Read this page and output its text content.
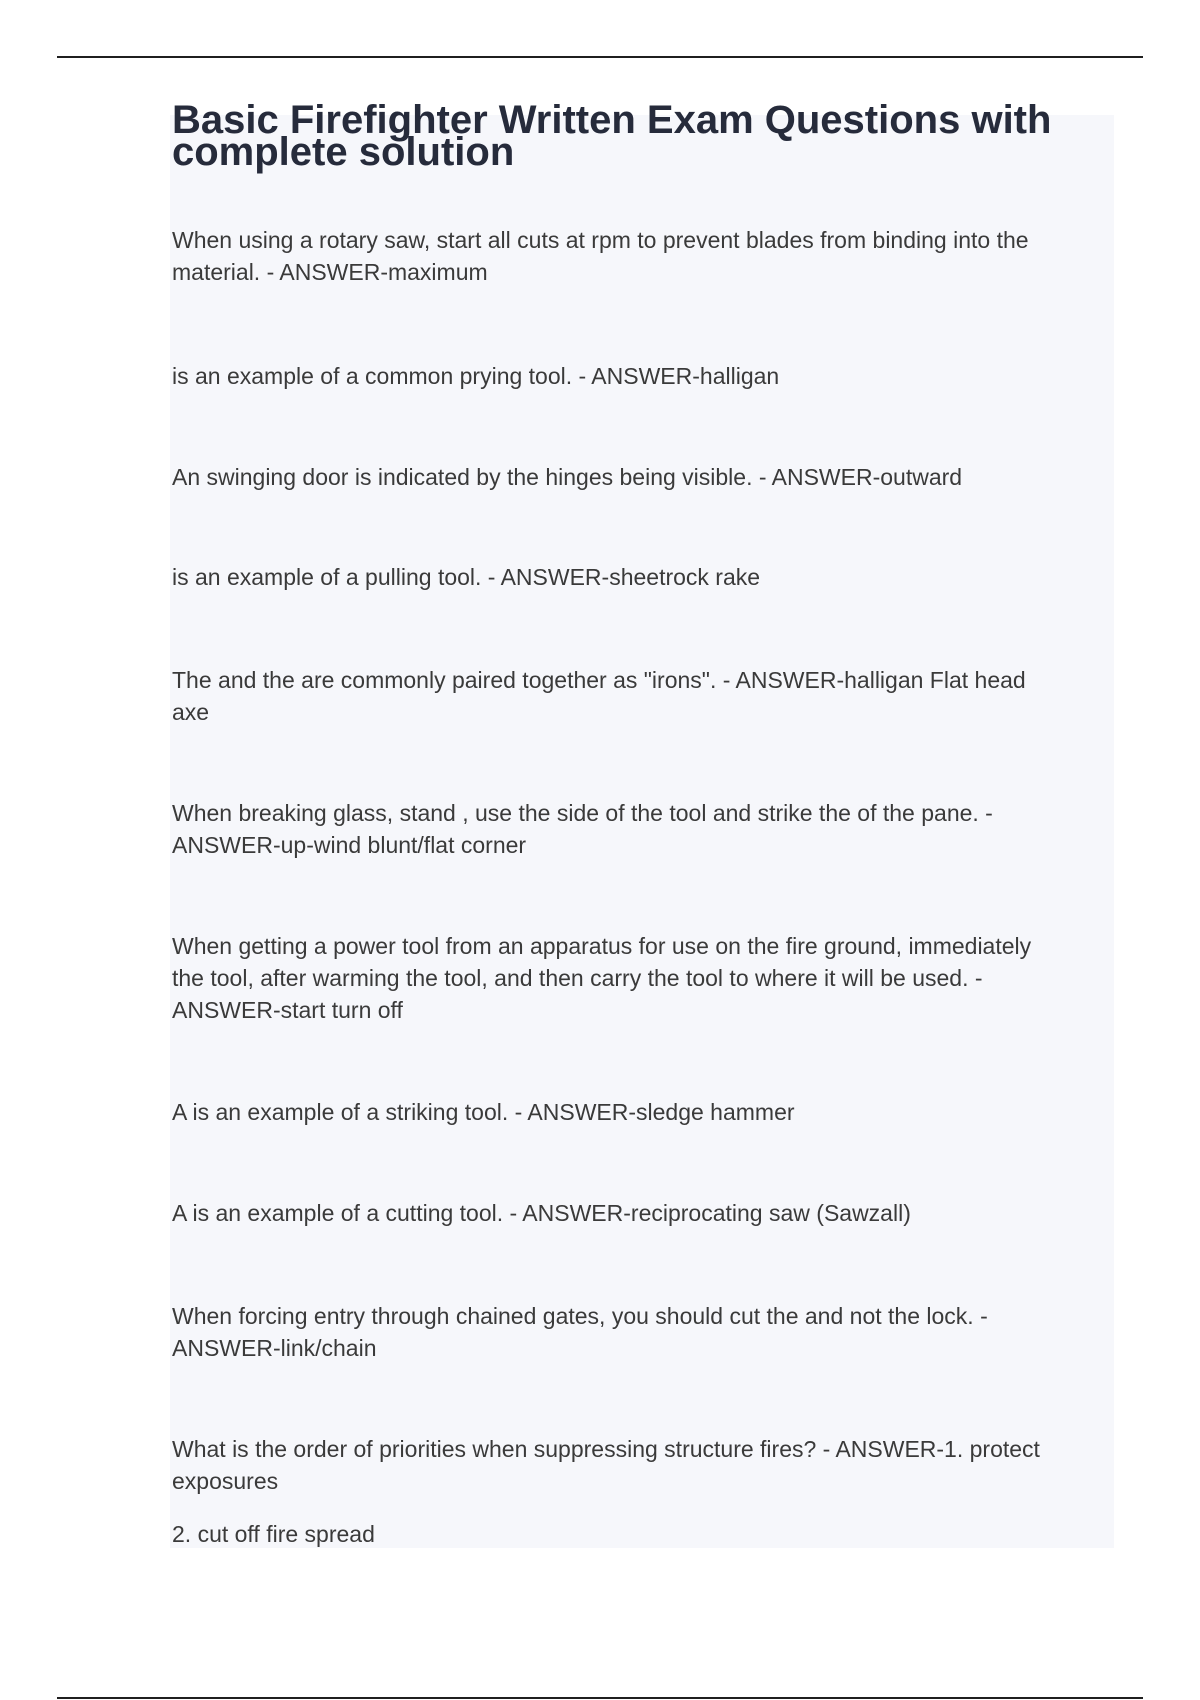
Basic Firefighter Written Exam Questions with complete solution

When using a rotary saw, start all cuts at rpm to prevent blades from binding into the
material. - ANSWER-maximum

is an example of a common prying tool. - ANSWER-halligan

An swinging door is indicated by the hinges being visible. - ANSWER-outward

is an example of a pulling tool. - ANSWER-sheetrock rake

The and the are commonly paired together as "irons". - ANSWER-halligan Flat head
axe

When breaking glass, stand , use the side of the tool and strike the of the pane. -
ANSWER-up-wind blunt/flat corner

When getting a power tool from an apparatus for use on the fire ground, immediately
the tool, after warming the tool, and then carry the tool to where it will be used. -
ANSWER-start turn off

A is an example of a striking tool. - ANSWER-sledge hammer

A is an example of a cutting tool. - ANSWER-reciprocating saw (Sawzall)

When forcing entry through chained gates, you should cut the and not the lock. -
ANSWER-link/chain

What is the order of priorities when suppressing structure fires? - ANSWER-1. protect
exposures

2. cut off fire spread
